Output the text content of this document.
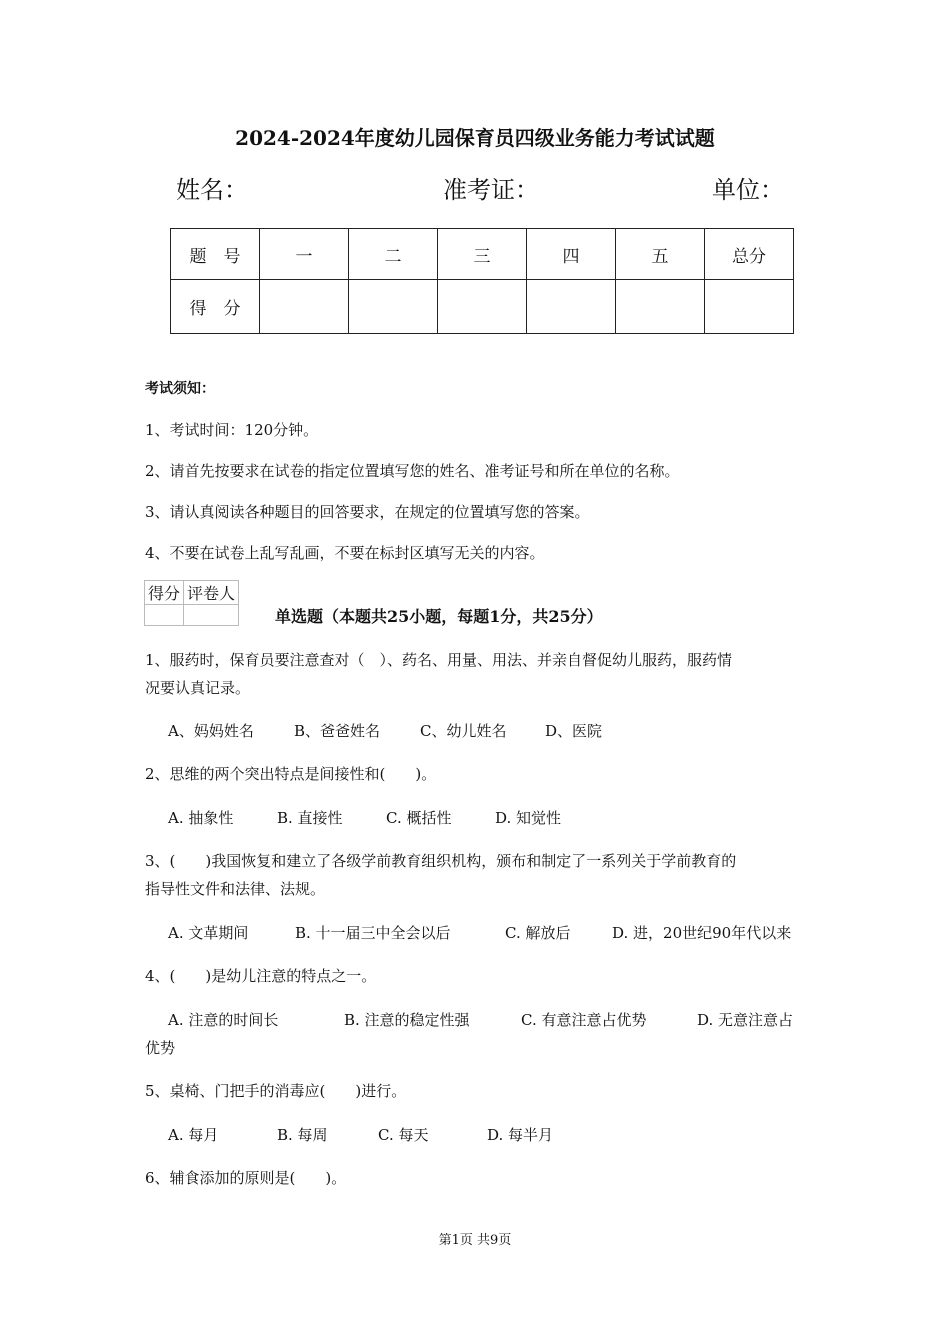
2024-2024年度幼儿园保育员四级业务能力考试试题
姓名：	准考证：	单位：
题　号	一	二	三	四	五	总分
得　分						
考试须知：
1、考试时间：120分钟。
2、请首先按要求在试卷的指定位置填写您的姓名、准考证号和所在单位的名称。
3、请认真阅读各种题目的回答要求，在规定的位置填写您的答案。
4、不要在试卷上乱写乱画，不要在标封区填写无关的内容。
得分	评卷人

单选题（本题共25小题，每题1分，共25分）
1、服药时，保育员要注意查对（　）、药名、用量、用法、并亲自督促幼儿服药，服药情
况要认真记录。
A、妈妈姓名	B、爸爸姓名	C、幼儿姓名	D、医院
2、思维的两个突出特点是间接性和(　　)。
A. 抽象性	B. 直接性	C. 概括性	D. 知觉性
3、(　　)我国恢复和建立了各级学前教育组织机构，颁布和制定了一系列关于学前教育的
指导性文件和法律、法规。
A. 文革期间	B. 十一届三中全会以后	C. 解放后	D. 进，20世纪90年代以来
4、(　　)是幼儿注意的特点之一。
A. 注意的时间长	B. 注意的稳定性强	C. 有意注意占优势	D. 无意注意占
优势
5、桌椅、门把手的消毒应(　　)进行。
A. 每月	B. 每周	C. 每天	D. 每半月
6、辅食添加的原则是(　　)。
第1页 共9页
